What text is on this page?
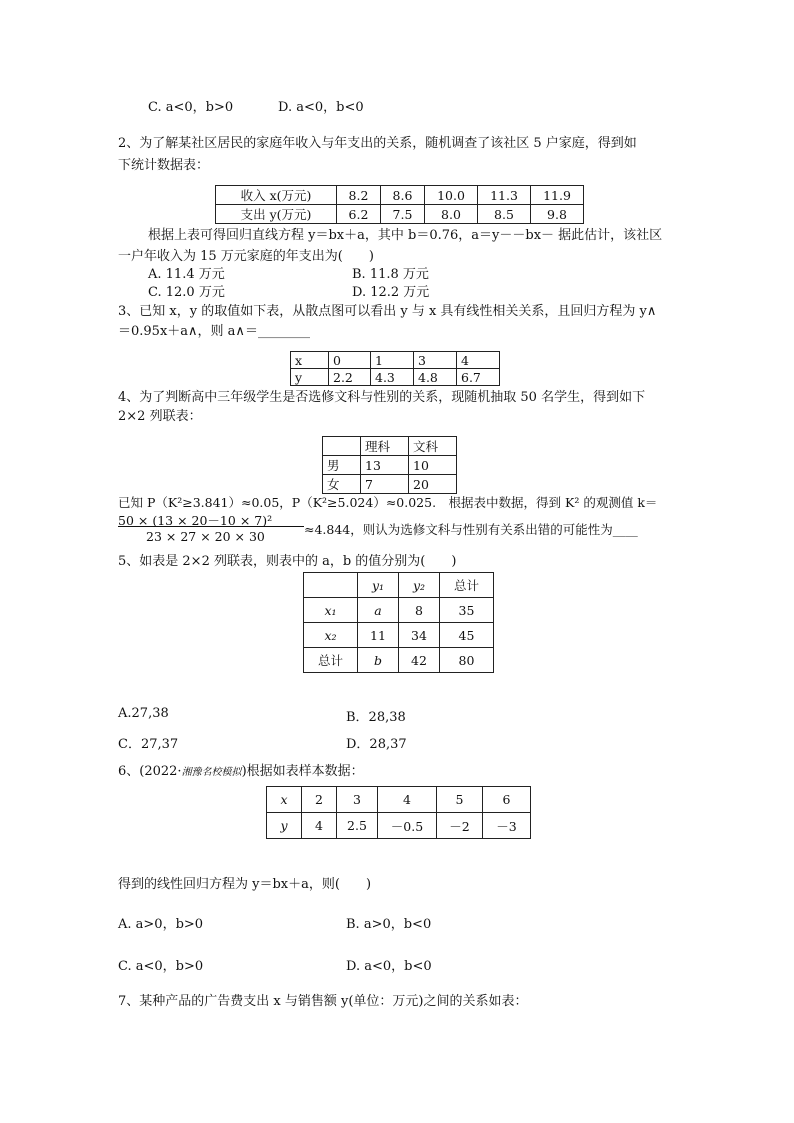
C. a<0，b>0	D. a<0，b<0
2、为了解某社区居民的家庭年收入与年支出的关系，随机调查了该社区 5 户家庭，得到如
下统计数据表：
收入 x(万元)	8.2	8.6	10.0	11.3	11.9
支出 y(万元)	6.2	7.5	8.0	8.5	9.8
根据上表可得回归直线方程 y＝bx＋a，其中 b＝0.76，a＝y－－bx－ 据此估计，该社区
一户年收入为 15 万元家庭的年支出为(　　)
A. 11.4 万元	B. 11.8 万元
C. 12.0 万元	D. 12.2 万元
3、已知 x，y 的取值如下表，从散点图可以看出 y 与 x 具有线性相关关系，且回归方程为 y∧
＝0.95x＋a∧，则 a∧＝________
x	0	1	3	4
y	2.2	4.3	4.8	6.7
4、为了判断高中三年级学生是否选修文科与性别的关系，现随机抽取 50 名学生，得到如下
2×2 列联表：
	理科	文科
男	13	10
女	7	20
已知 P（K²≥3.841）≈0.05，P（K²≥5.024）≈0.025.　根据表中数据，得到 K² 的观测值 k＝
50 × (13 × 20－10 × 7)²
23 × 27 × 20 × 30	≈4.844，则认为选修文科与性别有关系出错的可能性为____
5、如表是 2×2 列联表，则表中的 a，b 的值分别为(　　)
	y₁	y₂	总计
x₁	a	8	35
x₂	11	34	45
总计	b	42	80
A.27,38	B．28,38
C．27,37	D．28,37
6、(2022·湘豫名校模拟)根据如表样本数据：
x	2	3	4	5	6
y	4	2.5	－0.5	－2	－3
得到的线性回归方程为 y＝bx＋a，则(　　)
A. a>0，b>0	B. a>0，b<0
C. a<0，b>0	D. a<0，b<0
7、某种产品的广告费支出 x 与销售额 y(单位：万元)之间的关系如表：
